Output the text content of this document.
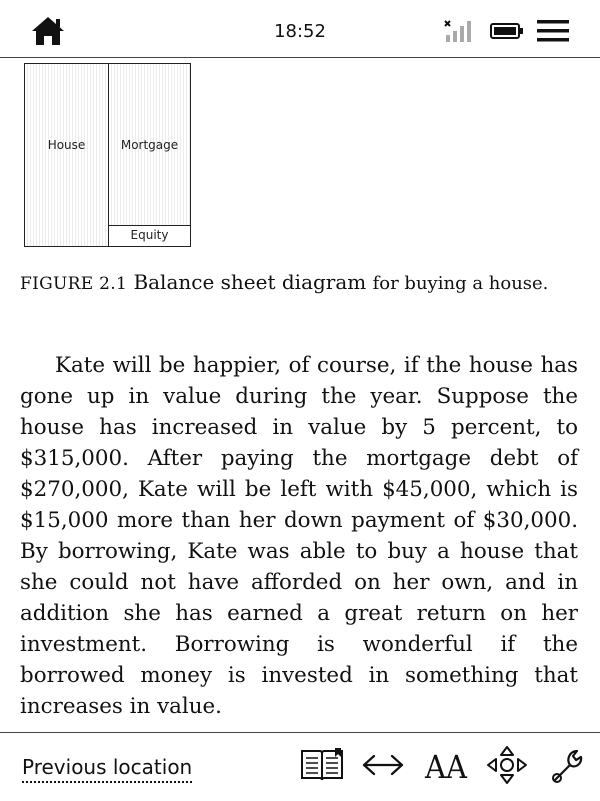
18:52
House	Mortgage
Equity
FIGURE 2.1 Balance sheet diagram for buying a house.

Kate will be happier, of course, if the house has gone up in value during the year. Suppose the house has increased in value by 5 percent, to $315,000. After paying the mortgage debt of $270,000, Kate will be left with $45,000, which is $15,000 more than her down payment of $30,000. By borrowing, Kate was able to buy a house that she could not have afforded on her own, and in addition she has earned a great return on her investment. Borrowing is wonderful if the borrowed money is invested in something that increases in value.

Previous location	AA
